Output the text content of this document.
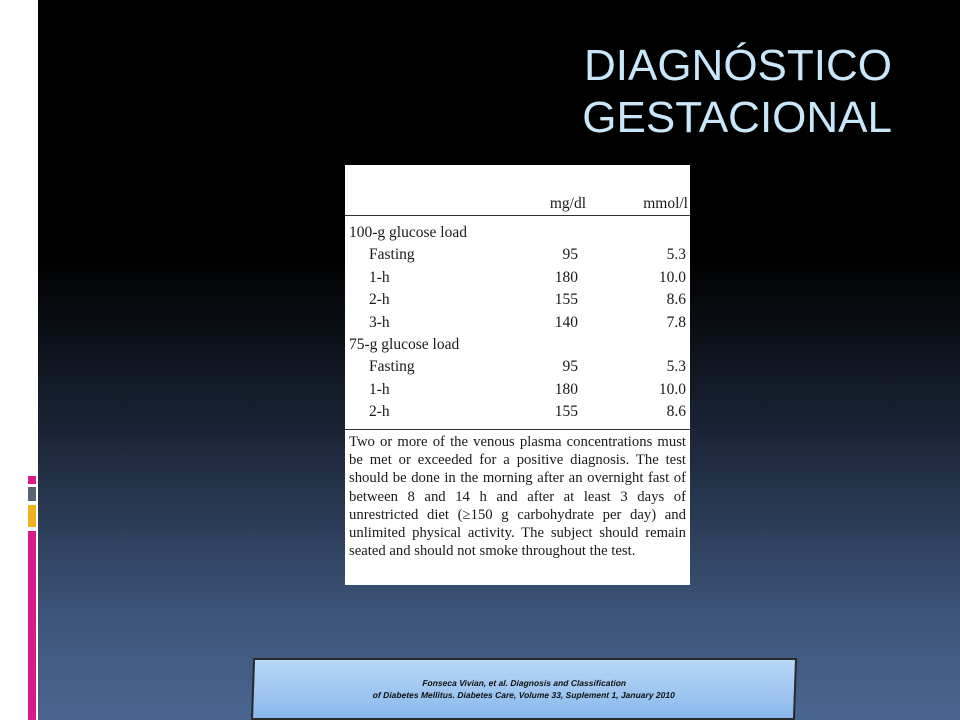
DIAGNÓSTICO
GESTACIONAL
mg/dl	mmol/l
100-g glucose load
Fasting	95	5.3
1-h	180	10.0
2-h	155	8.6
3-h	140	7.8
75-g glucose load
Fasting	95	5.3
1-h	180	10.0
2-h	155	8.6
Two or more of the venous plasma concentrations must be met or exceeded for a positive diagnosis. The test should be done in the morning after an overnight fast of between 8 and 14 h and after at least 3 days of unrestricted diet (≥150 g carbohydrate per day) and unlimited physical activity. The subject should remain seated and should not smoke throughout the test.
Fonseca Vivian, et al. Diagnosis and Classification
of Diabetes Mellitus. Diabetes Care, Volume 33, Suplement 1, January 2010
